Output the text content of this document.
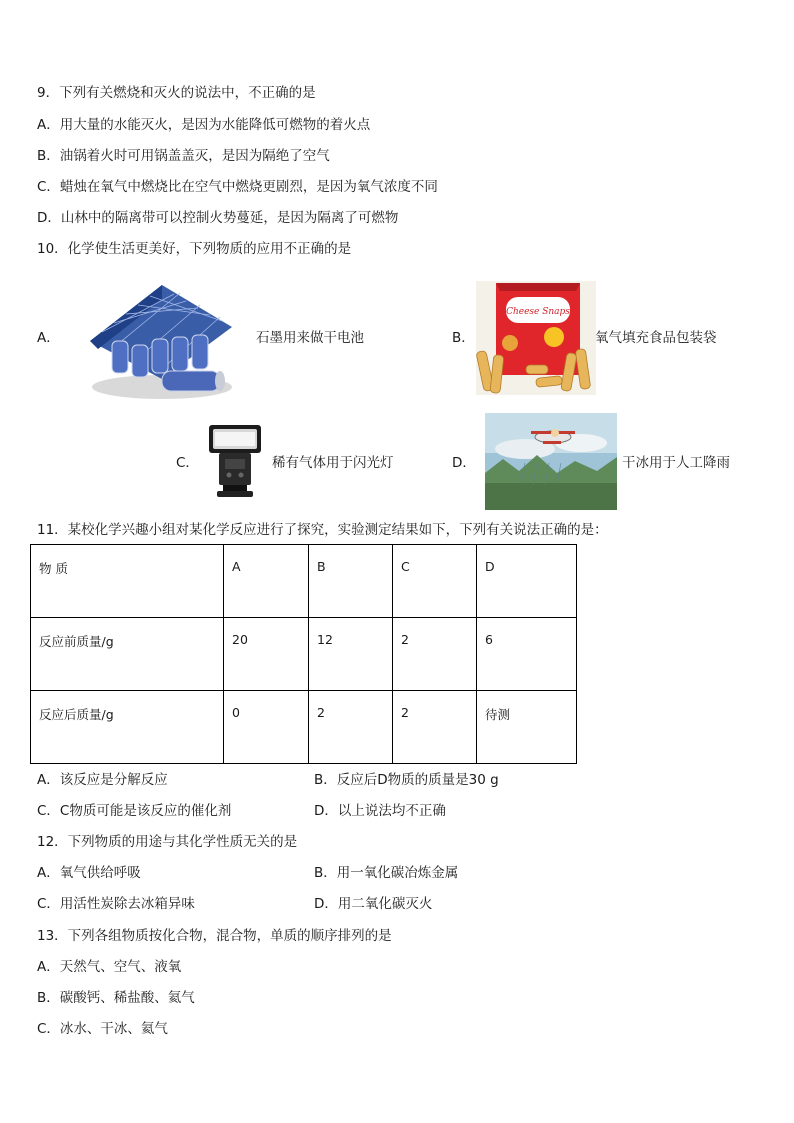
9．下列有关燃烧和灭火的说法中，不正确的是
A．用大量的水能灭火，是因为水能降低可燃物的着火点
B．油锅着火时可用锅盖盖灭，是因为隔绝了空气
C．蜡烛在氧气中燃烧比在空气中燃烧更剧烈，是因为氧气浓度不同
D．山林中的隔离带可以控制火势蔓延，是因为隔离了可燃物
10．化学使生活更美好，下列物质的应用不正确的是
A．	石墨用来做干电池	B．
Cheese Snaps
氧气填充食品包装袋
C．	稀有气体用于闪光灯	D．	干冰用于人工降雨
11．某校化学兴趣小组对某化学反应进行了探究，实验测定结果如下，下列有关说法正确的是：
物 质	A	B	C	D
反应前质量/g	20	12	2	6
反应后质量/g	0	2	2	待测
A．该反应是分解反应	B．反应后D物质的质量是30 g
C．C物质可能是该反应的催化剂	D．以上说法均不正确
12．下列物质的用途与其化学性质无关的是
A．氧气供给呼吸	B．用一氧化碳冶炼金属
C．用活性炭除去冰箱异味	D．用二氧化碳灭火
13．下列各组物质按化合物，混合物，单质的顺序排列的是
A．天然气、空气、液氧
B．碳酸钙、稀盐酸、氦气
C．冰水、干冰、氦气
